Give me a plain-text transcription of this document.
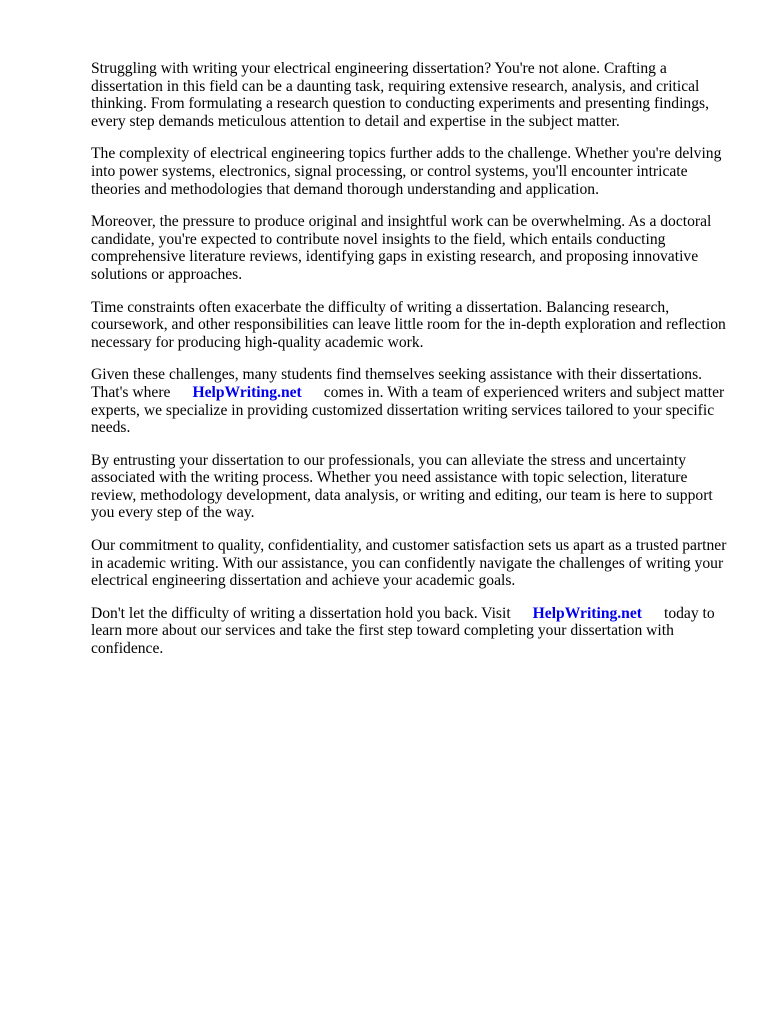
Struggling with writing your electrical engineering dissertation? You're not alone. Crafting a dissertation in this field can be a daunting task, requiring extensive research, analysis, and critical thinking. From formulating a research question to conducting experiments and presenting findings, every step demands meticulous attention to detail and expertise in the subject matter.

The complexity of electrical engineering topics further adds to the challenge. Whether you're delving into power systems, electronics, signal processing, or control systems, you'll encounter intricate theories and methodologies that demand thorough understanding and application.

Moreover, the pressure to produce original and insightful work can be overwhelming. As a doctoral candidate, you're expected to contribute novel insights to the field, which entails conducting comprehensive literature reviews, identifying gaps in existing research, and proposing innovative solutions or approaches.

Time constraints often exacerbate the difficulty of writing a dissertation. Balancing research, coursework, and other responsibilities can leave little room for the in-depth exploration and reflection necessary for producing high-quality academic work.

Given these challenges, many students find themselves seeking assistance with their dissertations. That's where HelpWriting.net comes in. With a team of experienced writers and subject matter experts, we specialize in providing customized dissertation writing services tailored to your specific needs.

By entrusting your dissertation to our professionals, you can alleviate the stress and uncertainty associated with the writing process. Whether you need assistance with topic selection, literature review, methodology development, data analysis, or writing and editing, our team is here to support you every step of the way.

Our commitment to quality, confidentiality, and customer satisfaction sets us apart as a trusted partner in academic writing. With our assistance, you can confidently navigate the challenges of writing your electrical engineering dissertation and achieve your academic goals.

Don't let the difficulty of writing a dissertation hold you back. Visit HelpWriting.net today to learn more about our services and take the first step toward completing your dissertation with confidence.
